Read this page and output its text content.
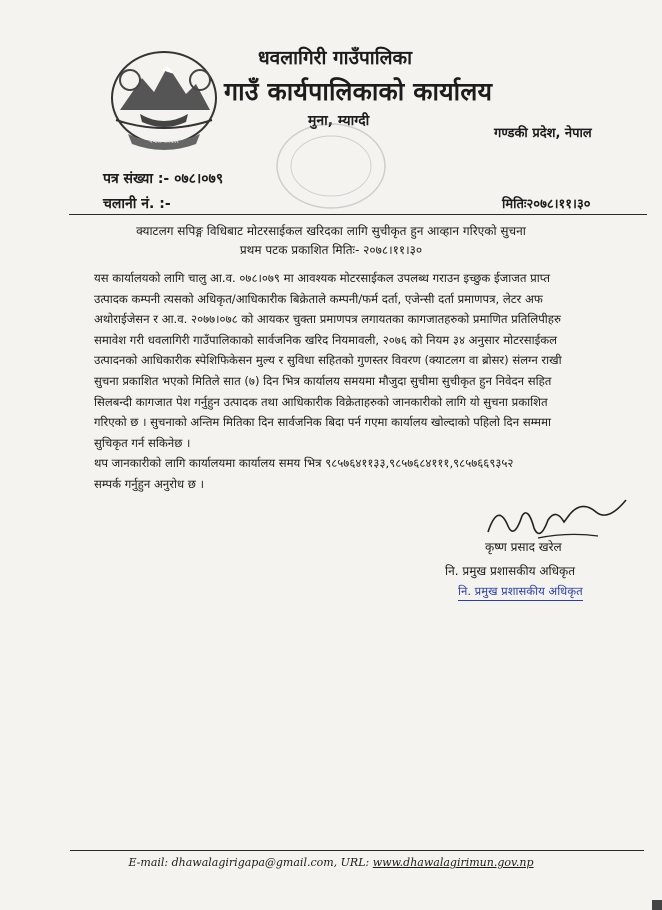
नेपाल सरकार
धवलागिरी गाउँपालिका
गाउँ कार्यपालिकाको कार्यालय
मुना, म्याग्दी
गण्डकी प्रदेश, नेपाल
पत्र संख्या :- ०७८।०७९
चलानी नं. :-	मितिः२०७८।११।३०
क्याटलग सपिङ्ग विधिबाट मोटरसाईकल खरिदका लागि सुचीकृत हुन आव्हान गरिएको सुचना
प्रथम पटक प्रकाशित मितिः- २०७८।११।३०
यस कार्यालयको लागि चालु आ.व. ०७८।०७९ मा आवश्यक मोटरसाईकल उपलब्ध गराउन इच्छुक ईजाजत प्राप्त
उत्पादक कम्पनी त्यसको अधिकृत/आधिकारीक बिक्रेताले कम्पनी/फर्म दर्ता, एजेन्सी दर्ता प्रमाणपत्र, लेटर अफ
अथोराईजेसन र आ.व. २०७७।०७८ को आयकर चुक्ता प्रमाणपत्र लगायतका कागजातहरुको प्रमाणित प्रतिलिपीहरु
समावेश गरी धवलागिरी गाउँपालिकाको सार्वजनिक खरिद नियमावली, २०७६ को नियम ३४ अनुसार मोटरसाईकल
उत्पादनको आधिकारीक स्पेशिफिकेसन मुल्य र सुविधा सहितको गुणस्तर विवरण (क्याटलग वा ब्रोसर) संलग्न राखी
सुचना प्रकाशित भएको मितिले सात (७) दिन भित्र कार्यालय समयमा मौजुदा सुचीमा सुचीकृत हुन निवेदन सहित
सिलबन्दी कागजात पेश गर्नुहुन उत्पादक तथा आधिकारीक विक्रेताहरुको जानकारीको लागि यो सुचना प्रकाशित
गरिएको छ । सुचनाको अन्तिम मितिका दिन सार्वजनिक बिदा पर्न गएमा कार्यालय खोल्दाको पहिलो दिन सम्ममा
सुचिकृत गर्न सकिनेछ ।
थप जानकारीको लागि कार्यालयमा कार्यालय समय भित्र ९८५७६४११३३,९८५७६८४१११,९८५७६६९३५२
सम्पर्क गर्नुहुन अनुरोध छ ।
कृष्ण प्रसाद खरेल
नि. प्रमुख प्रशासकीय अधिकृत
नि. प्रमुख प्रशासकीय अधिकृत
E-mail: dhawalagirigapa@gmail.com, URL: www.dhawalagirimun.gov.np
